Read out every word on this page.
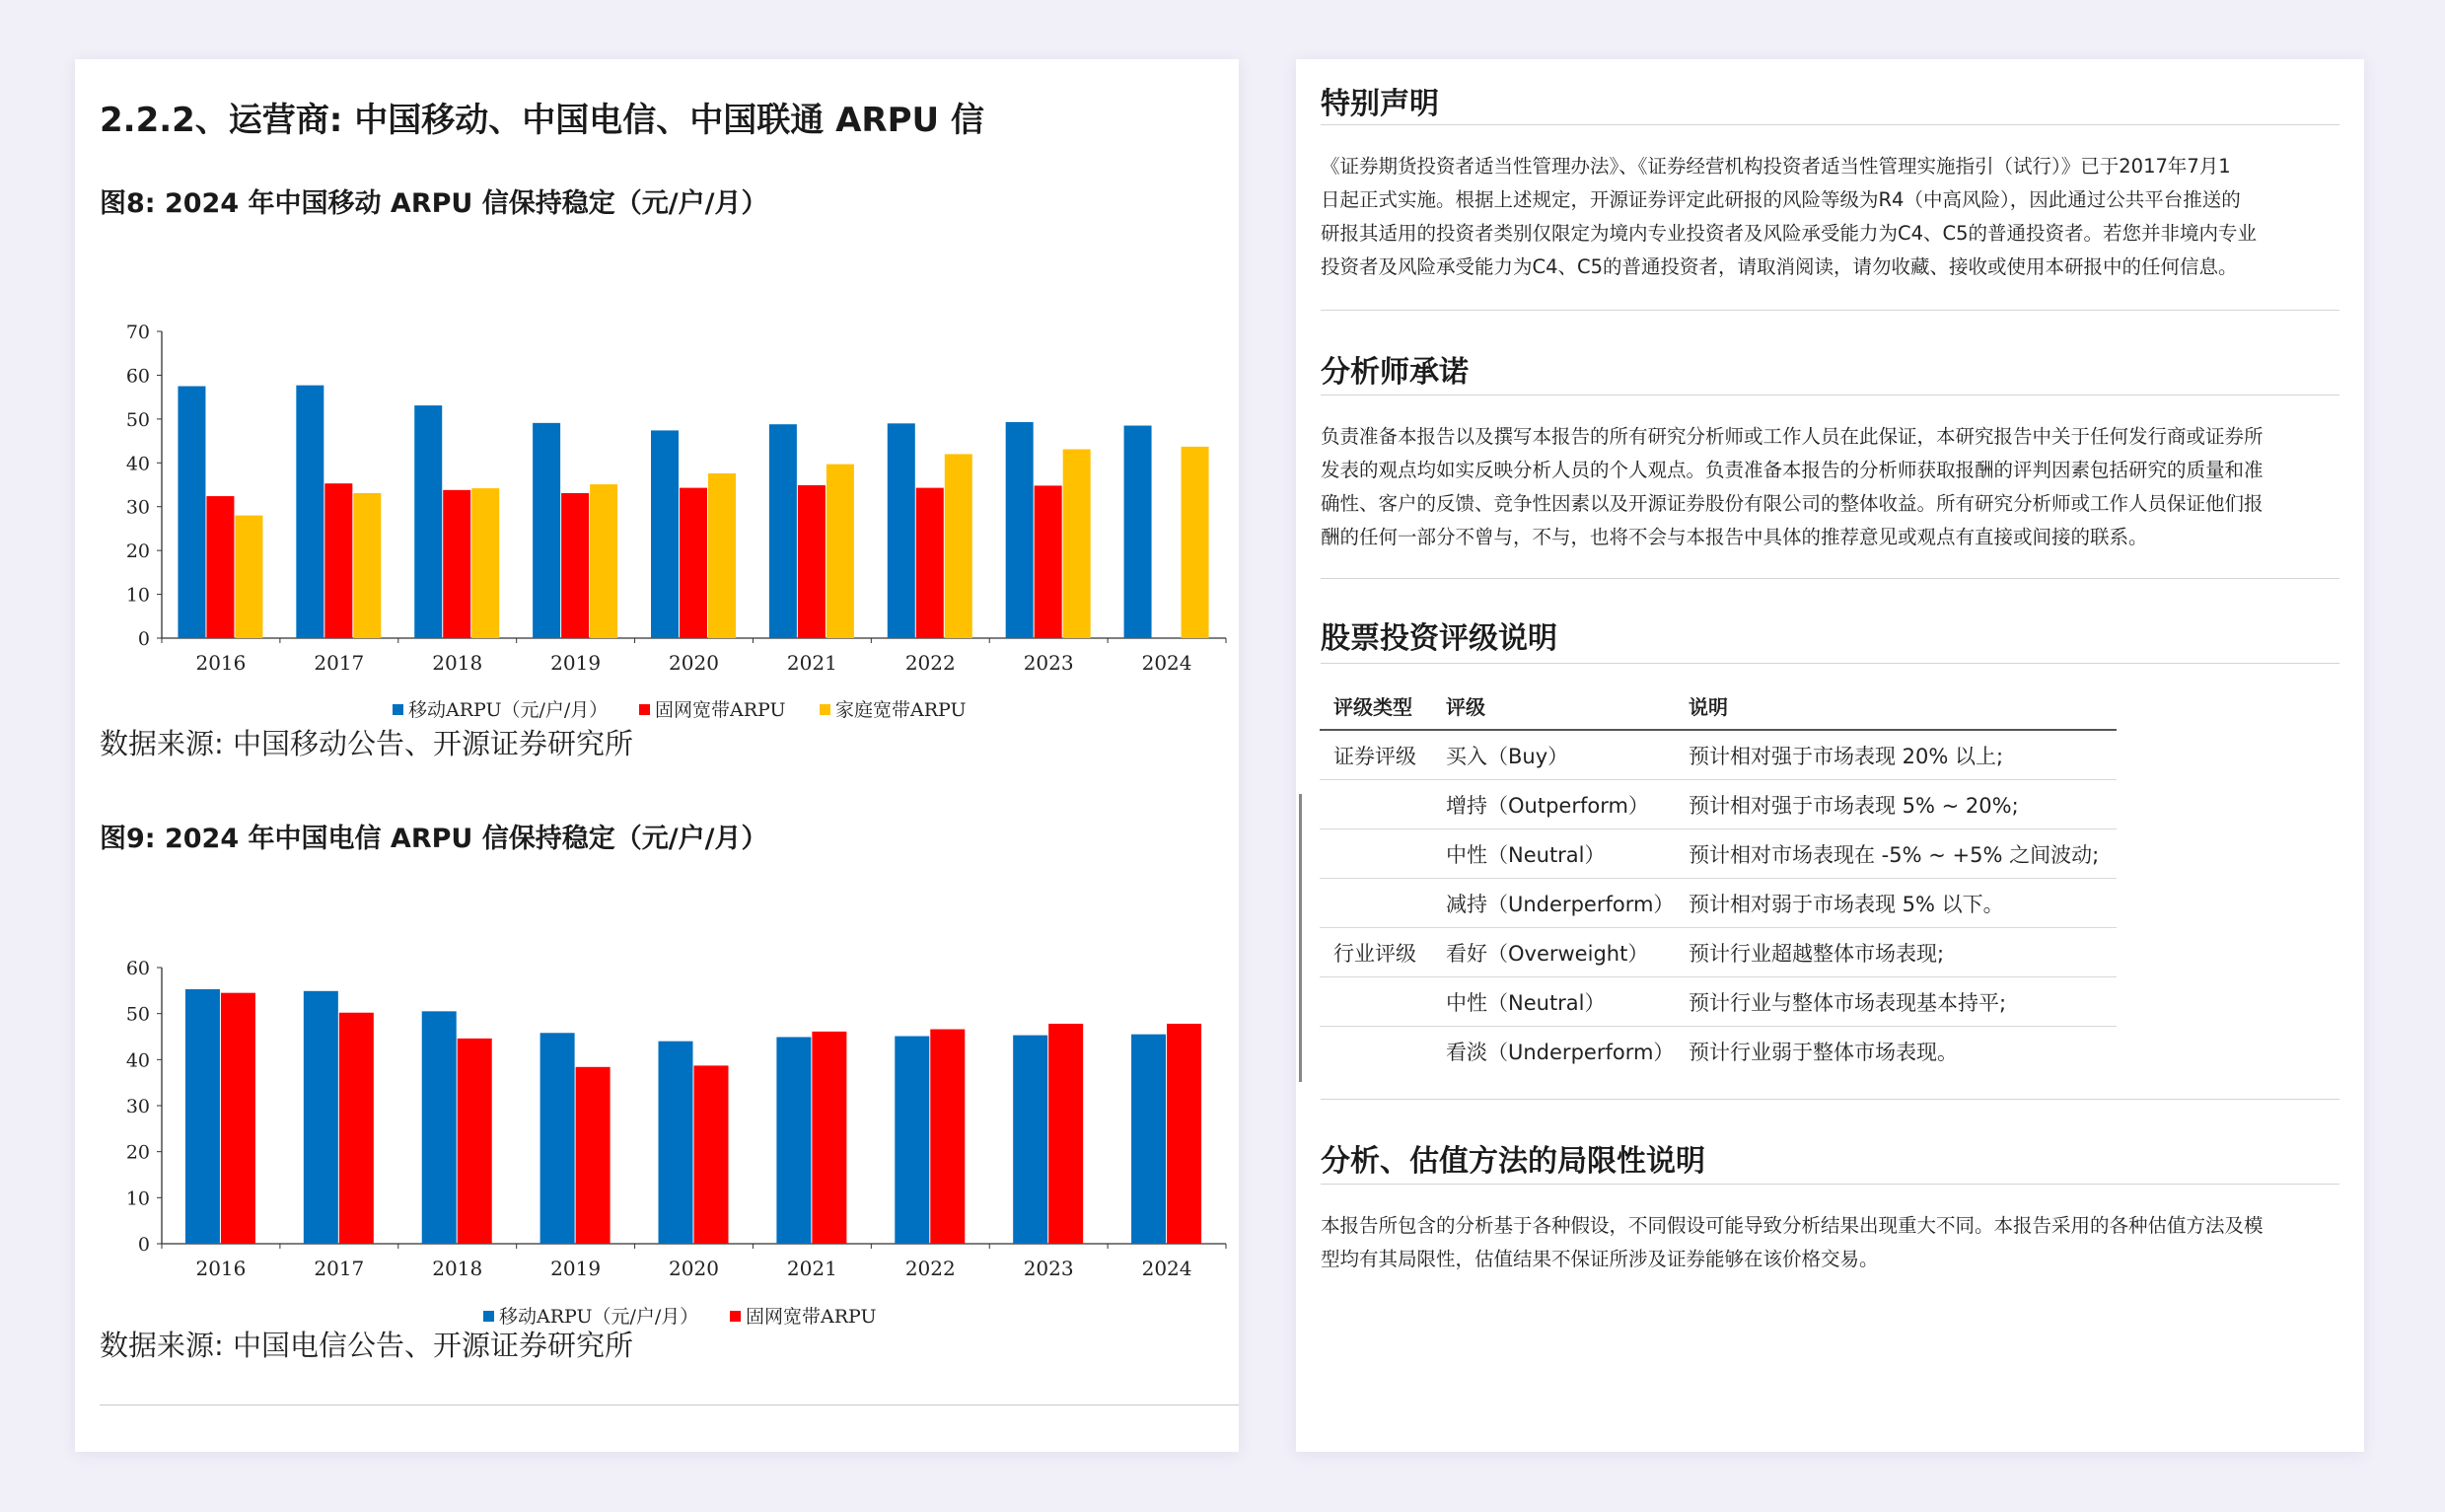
2.2.2、运营商: 中国移动、中国电信、中国联通 ARPU 信
图8: 2024 年中国移动 ARPU 信保持稳定（元/户/月）
0
10
20
30
40
50
60
70
2016	2017	2018	2019	2020	2021	2022	2023	2024
移动ARPU（元/户/月）	固网宽带ARPU	家庭宽带ARPU
数据来源: 中国移动公告、开源证券研究所
图9: 2024 年中国电信 ARPU 信保持稳定（元/户/月）
0
10
20
30
40
50
60
2016	2017	2018	2019	2020	2021	2022	2023	2024
移动ARPU（元/户/月）	固网宽带ARPU
数据来源: 中国电信公告、开源证券研究所
特别声明
《证券期货投资者适当性管理办法》、《证券经营机构投资者适当性管理实施指引（试行）》已于2017年7月1
日起正式实施。根据上述规定，开源证券评定此研报的风险等级为R4（中高风险），因此通过公共平台推送的
研报其适用的投资者类别仅限定为境内专业投资者及风险承受能力为C4、C5的普通投资者。若您并非境内专业
投资者及风险承受能力为C4、C5的普通投资者，请取消阅读，请勿收藏、接收或使用本研报中的任何信息。
分析师承诺
负责准备本报告以及撰写本报告的所有研究分析师或工作人员在此保证，本研究报告中关于任何发行商或证券所
发表的观点均如实反映分析人员的个人观点。负责准备本报告的分析师获取报酬的评判因素包括研究的质量和准
确性、客户的反馈、竞争性因素以及开源证券股份有限公司的整体收益。所有研究分析师或工作人员保证他们报
酬的任何一部分不曾与，不与，也将不会与本报告中具体的推荐意见或观点有直接或间接的联系。
股票投资评级说明
评级类型	评级	说明
证券评级	买入（Buy）	预计相对强于市场表现 20% 以上;
	增持（Outperform）	预计相对强于市场表现 5% ~ 20%;
	中性（Neutral）	预计相对市场表现在 -5% ~ +5% 之间波动;
	减持（Underperform）	预计相对弱于市场表现 5% 以下。
行业评级	看好（Overweight）	预计行业超越整体市场表现;
	中性（Neutral）	预计行业与整体市场表现基本持平;
	看淡（Underperform）	预计行业弱于整体市场表现。
分析、估值方法的局限性说明
本报告所包含的分析基于各种假设，不同假设可能导致分析结果出现重大不同。本报告采用的各种估值方法及模
型均有其局限性，估值结果不保证所涉及证券能够在该价格交易。
